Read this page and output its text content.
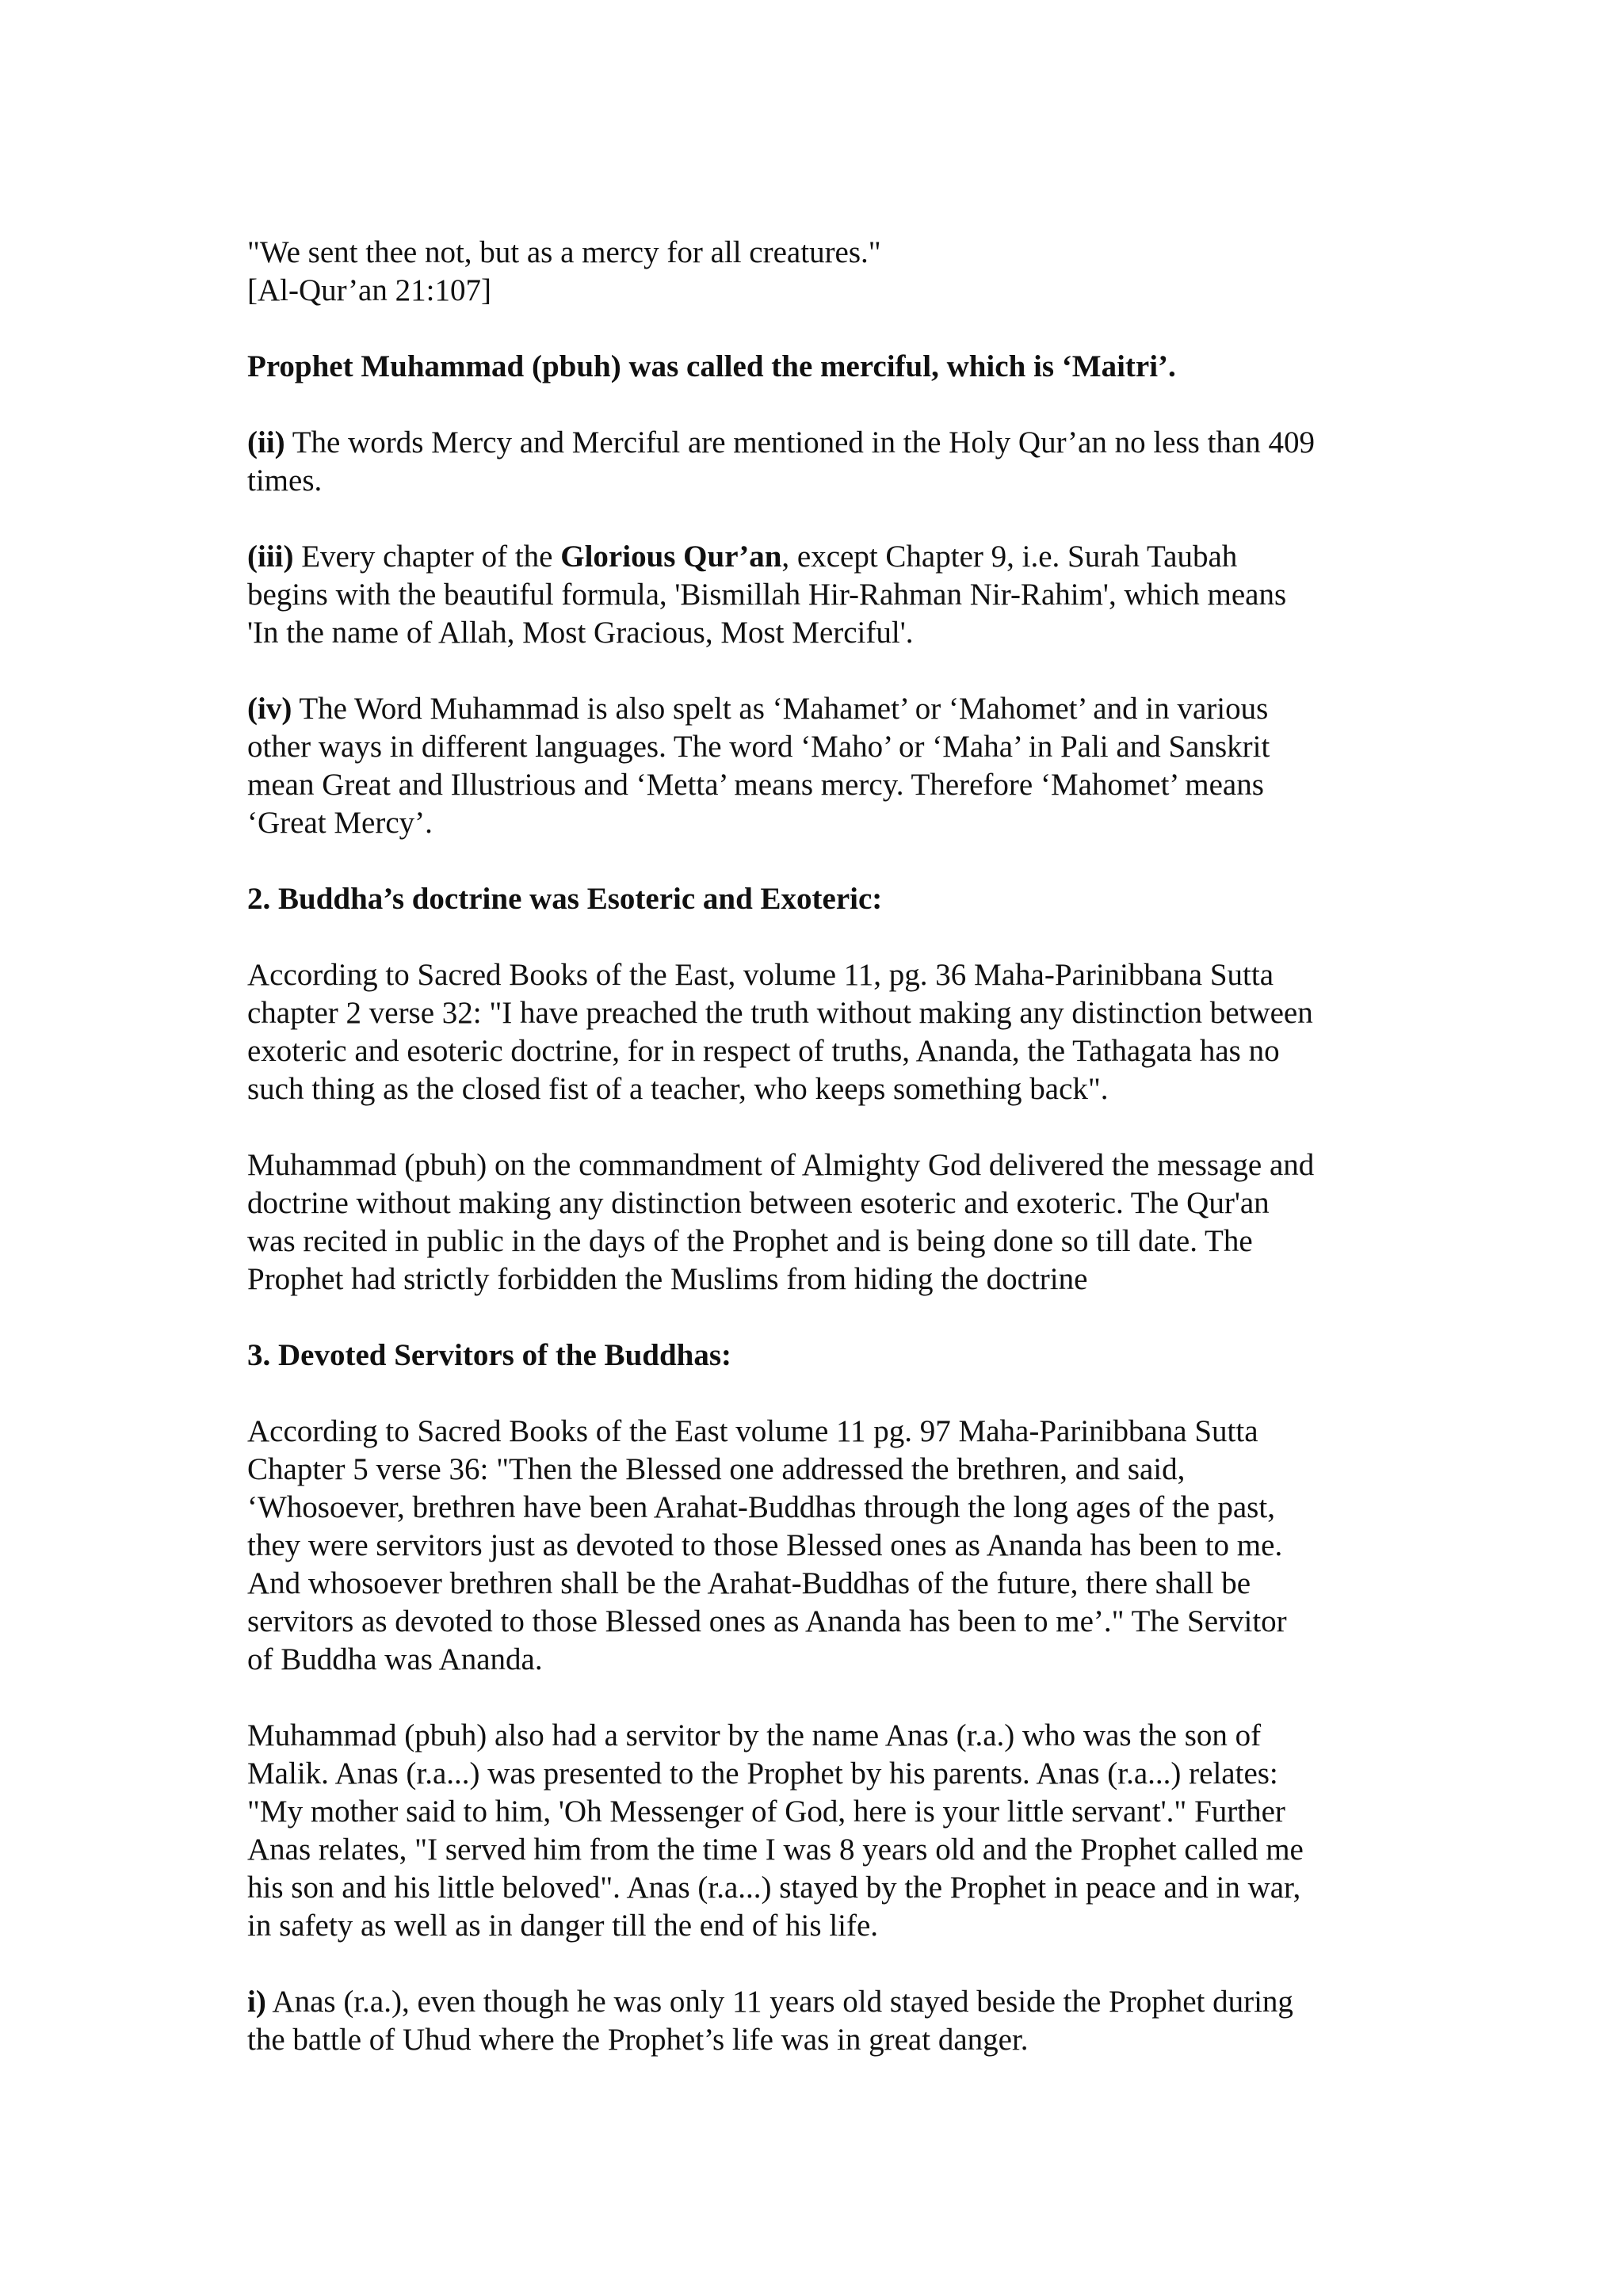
"We sent thee not, but as a mercy for all creatures."
[Al-Qur’an 21:107]
Prophet Muhammad (pbuh) was called the merciful, which is ‘Maitri’.
(ii) The words Mercy and Merciful are mentioned in the Holy Qur’an no less than 409
times.
(iii) Every chapter of the Glorious Qur’an, except Chapter 9, i.e. Surah Taubah
begins with the beautiful formula, 'Bismillah Hir-Rahman Nir-Rahim', which means
'In the name of Allah, Most Gracious, Most Merciful'.
(iv) The Word Muhammad is also spelt as ‘Mahamet’ or ‘Mahomet’ and in various
other ways in different languages. The word ‘Maho’ or ‘Maha’ in Pali and Sanskrit
mean Great and Illustrious and ‘Metta’ means mercy. Therefore ‘Mahomet’ means
‘Great Mercy’.
2. Buddha’s doctrine was Esoteric and Exoteric:
According to Sacred Books of the East, volume 11, pg. 36 Maha-Parinibbana Sutta
chapter 2 verse 32: "I have preached the truth without making any distinction between
exoteric and esoteric doctrine, for in respect of truths, Ananda, the Tathagata has no
such thing as the closed fist of a teacher, who keeps something back".
Muhammad (pbuh) on the commandment of Almighty God delivered the message and
doctrine without making any distinction between esoteric and exoteric. The Qur'an
was recited in public in the days of the Prophet and is being done so till date. The
Prophet had strictly forbidden the Muslims from hiding the doctrine
3. Devoted Servitors of the Buddhas:
According to Sacred Books of the East volume 11 pg. 97 Maha-Parinibbana Sutta
Chapter 5 verse 36: "Then the Blessed one addressed the brethren, and said,
‘Whosoever, brethren have been Arahat-Buddhas through the long ages of the past,
they were servitors just as devoted to those Blessed ones as Ananda has been to me.
And whosoever brethren shall be the Arahat-Buddhas of the future, there shall be
servitors as devoted to those Blessed ones as Ananda has been to me’." The Servitor
of Buddha was Ananda.
Muhammad (pbuh) also had a servitor by the name Anas (r.a.) who was the son of
Malik. Anas (r.a...) was presented to the Prophet by his parents. Anas (r.a...) relates:
"My mother said to him, 'Oh Messenger of God, here is your little servant'." Further
Anas relates, "I served him from the time I was 8 years old and the Prophet called me
his son and his little beloved". Anas (r.a...) stayed by the Prophet in peace and in war,
in safety as well as in danger till the end of his life.
i) Anas (r.a.), even though he was only 11 years old stayed beside the Prophet during
the battle of Uhud where the Prophet’s life was in great danger.
